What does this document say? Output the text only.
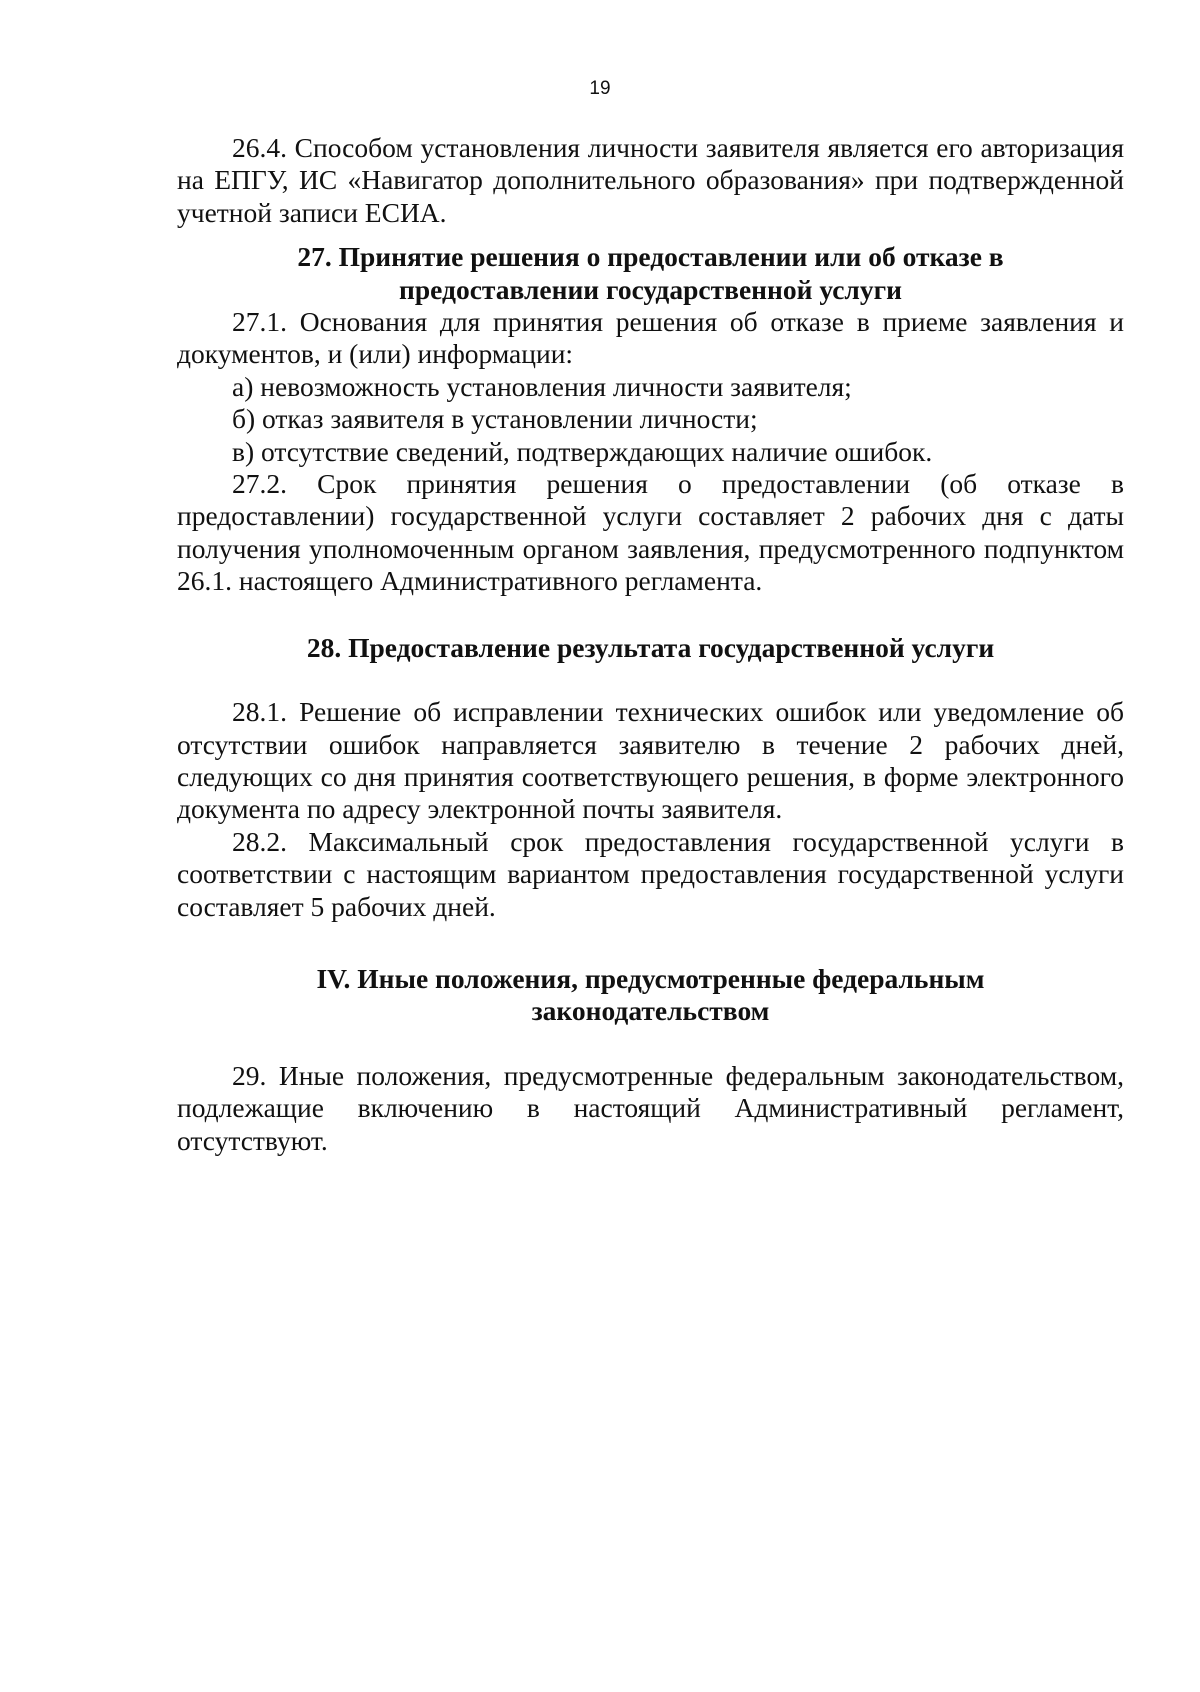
19

26.4. Способом установления личности заявителя является его авторизация на ЕПГУ, ИС «Навигатор дополнительного образования» при подтвержденной учетной записи ЕСИА.

27. Принятие решения о предоставлении или об отказе в
предоставлении государственной услуги

27.1. Основания для принятия решения об отказе в приеме заявления и документов, и (или) информации:

а) невозможность установления личности заявителя;

б) отказ заявителя в установлении личности;

в) отсутствие сведений, подтверждающих наличие ошибок.

27.2. Срок принятия решения о предоставлении (об отказе в предоставлении) государственной услуги составляет 2 рабочих дня с даты получения уполномоченным органом заявления, предусмотренного подпунктом 26.1. настоящего Административного регламента.

28. Предоставление результата государственной услуги

28.1. Решение об исправлении технических ошибок или уведомление об отсутствии ошибок направляется заявителю в течение 2 рабочих дней, следующих со дня принятия соответствующего решения, в форме электронного документа по адресу электронной почты заявителя.

28.2. Максимальный срок предоставления государственной услуги в соответствии с настоящим вариантом предоставления государственной услуги составляет 5 рабочих дней.

IV. Иные положения, предусмотренные федеральным
законодательством

29. Иные положения, предусмотренные федеральным законодательством, подлежащие включению в настоящий Административный регламент, отсутствуют.
